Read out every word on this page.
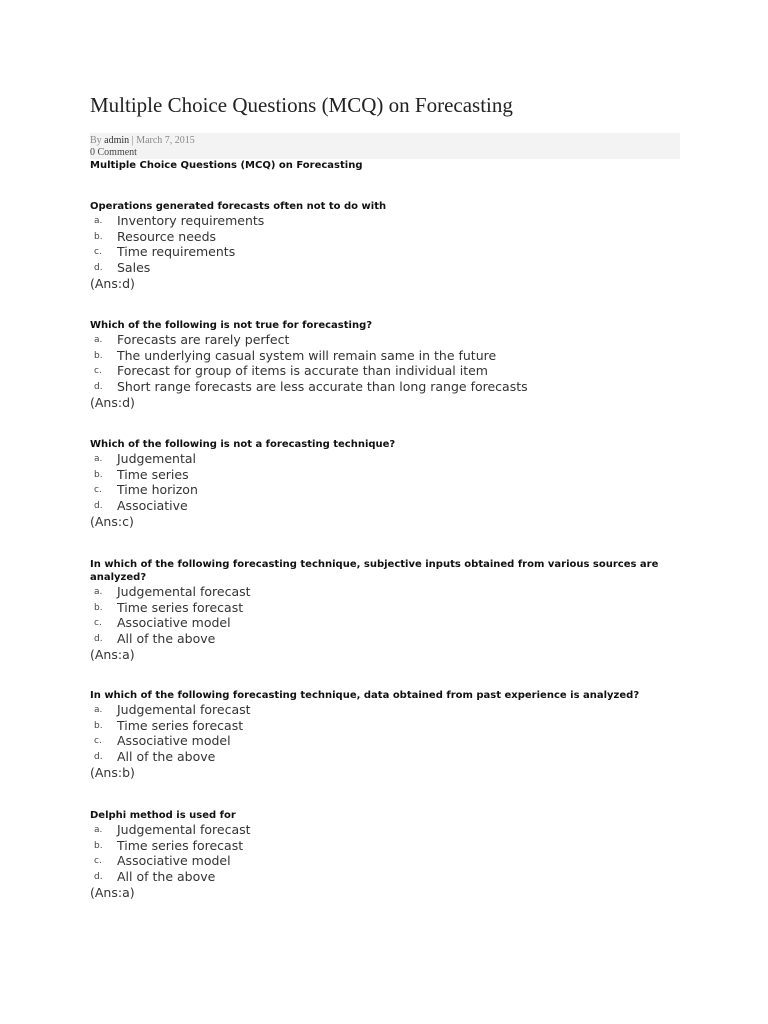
Multiple Choice Questions (MCQ) on Forecasting
By admin | March 7, 2015
0 Comment
Multiple Choice Questions (MCQ) on Forecasting

Operations generated forecasts often not to do with

a. Inventory requirements
b. Resource needs
c. Time requirements
d. Sales
(Ans:d)

Which of the following is not true for forecasting?

a. Forecasts are rarely perfect
b. The underlying casual system will remain same in the future
c. Forecast for group of items is accurate than individual item
d. Short range forecasts are less accurate than long range forecasts
(Ans:d)

Which of the following is not a forecasting technique?

a. Judgemental
b. Time series
c. Time horizon
d. Associative
(Ans:c)

In which of the following forecasting technique, subjective inputs obtained from various sources are analyzed?

a. Judgemental forecast
b. Time series forecast
c. Associative model
d. All of the above
(Ans:a)

In which of the following forecasting technique, data obtained from past experience is analyzed?

a. Judgemental forecast
b. Time series forecast
c. Associative model
d. All of the above
(Ans:b)

Delphi method is used for

a. Judgemental forecast
b. Time series forecast
c. Associative model
d. All of the above
(Ans:a)
